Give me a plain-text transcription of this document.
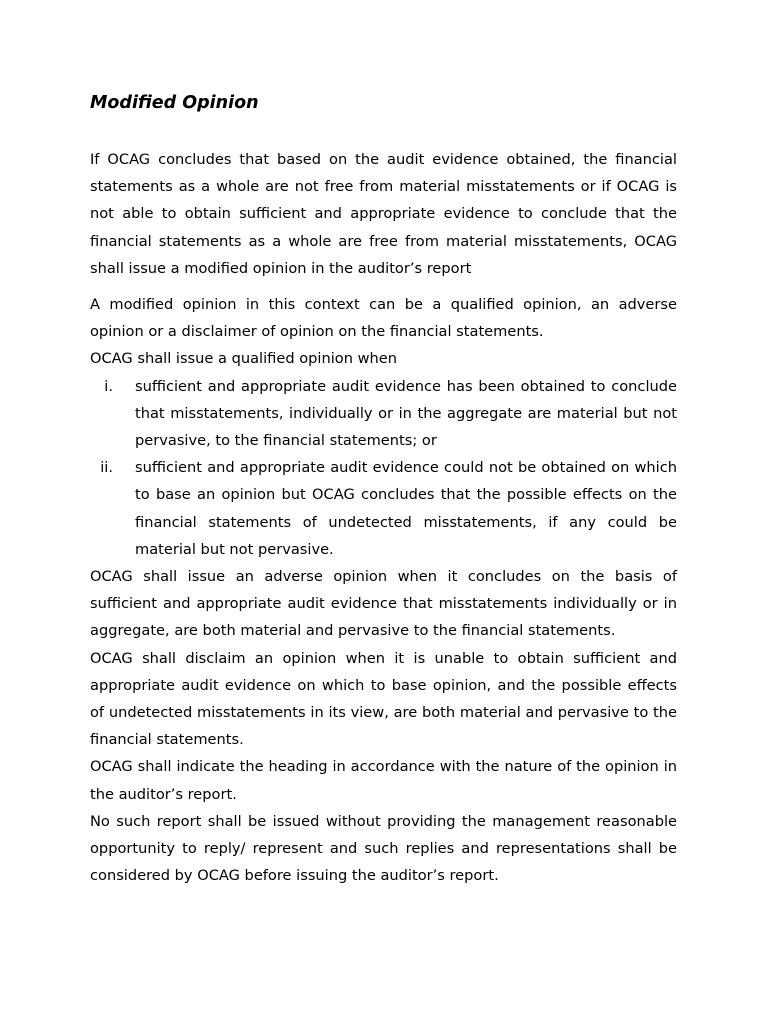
Modified Opinion

If OCAG concludes that based on the audit evidence obtained, the financial statements as a whole are not free from material misstatements or if OCAG is not able to obtain sufficient and appropriate evidence to conclude that the financial statements as a whole are free from material misstatements, OCAG shall issue a modified opinion in the auditor’s report

A modified opinion in this context can be a qualified opinion, an adverse opinion or a disclaimer of opinion on the financial statements.

OCAG shall issue a qualified opinion when

i.	sufficient and appropriate audit evidence has been obtained to conclude that misstatements, individually or in the aggregate are material but not pervasive, to the financial statements; or
ii.	sufficient and appropriate audit evidence could not be obtained on which to base an opinion but OCAG concludes that the possible effects on the financial statements of undetected misstatements, if any could be material but not pervasive.

OCAG shall issue an adverse opinion when it concludes on the basis of sufficient and appropriate audit evidence that misstatements individually or in aggregate, are both material and pervasive to the financial statements.

OCAG shall disclaim an opinion when it is unable to obtain sufficient and appropriate audit evidence on which to base opinion, and the possible effects of undetected misstatements in its view, are both material and pervasive to the financial statements.

OCAG shall indicate the heading in accordance with the nature of the opinion in the auditor’s report.

No such report shall be issued without providing the management reasonable opportunity to reply/ represent and such replies and representations shall be considered by OCAG before issuing the auditor’s report.
